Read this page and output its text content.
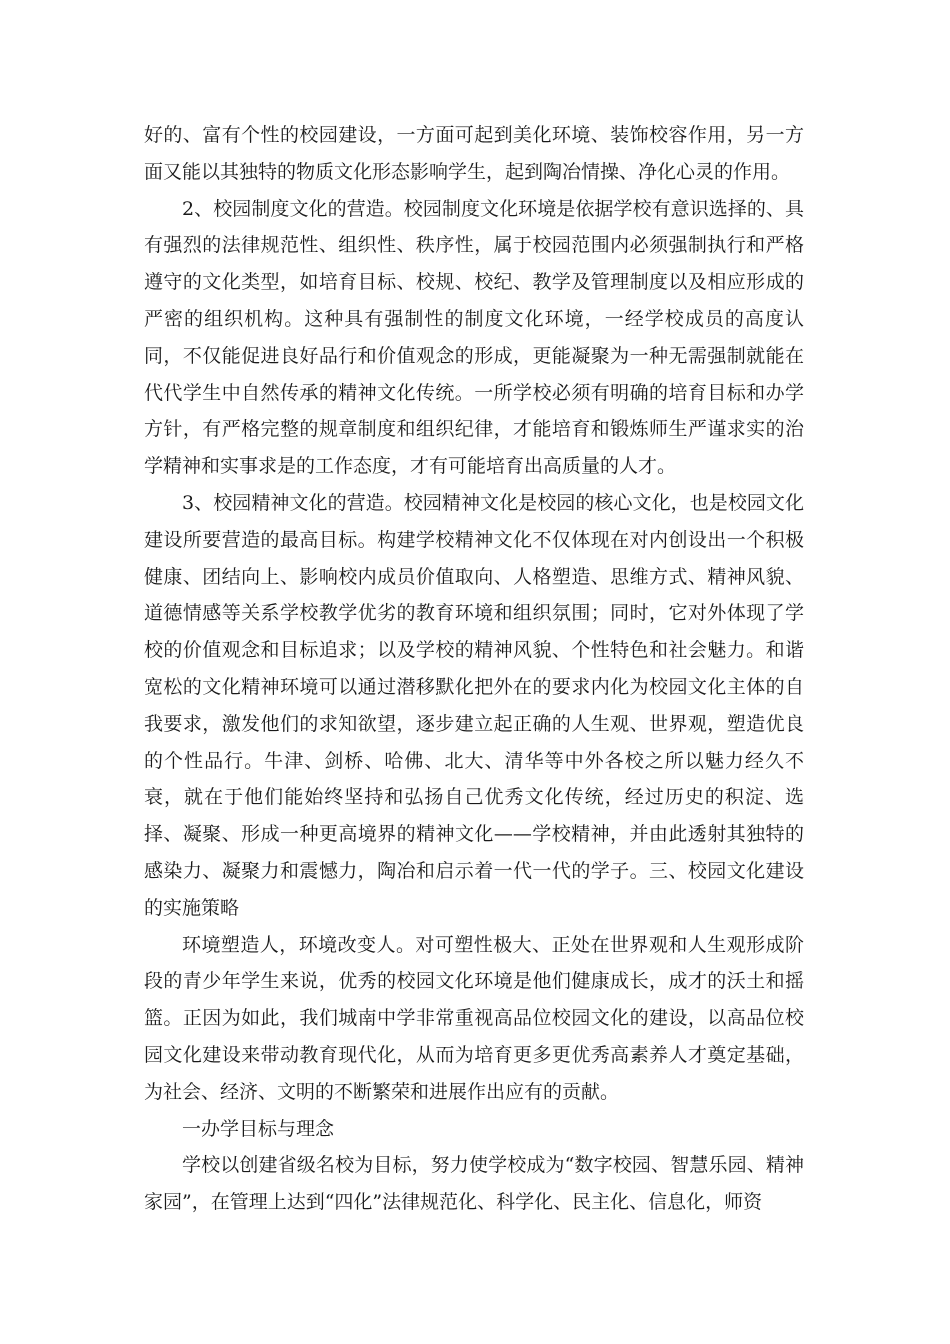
好的、富有个性的校园建设，一方面可起到美化环境、装饰校容作用，另一方面又能以其独特的物质文化形态影响学生，起到陶冶情操、净化心灵的作用。

2、校园制度文化的营造。校园制度文化环境是依据学校有意识选择的、具有强烈的法律规范性、组织性、秩序性，属于校园范围内必须强制执行和严格遵守的文化类型，如培育目标、校规、校纪、教学及管理制度以及相应形成的严密的组织机构。这种具有强制性的制度文化环境，一经学校成员的高度认同，不仅能促进良好品行和价值观念的形成，更能凝聚为一种无需强制就能在代代学生中自然传承的精神文化传统。一所学校必须有明确的培育目标和办学方针，有严格完整的规章制度和组织纪律，才能培育和锻炼师生严谨求实的治学精神和实事求是的工作态度，才有可能培育出高质量的人才。

3、校园精神文化的营造。校园精神文化是校园的核心文化，也是校园文化建设所要营造的最高目标。构建学校精神文化不仅体现在对内创设出一个积极健康、团结向上、影响校内成员价值取向、人格塑造、思维方式、精神风貌、道德情感等关系学校教学优劣的教育环境和组织氛围；同时，它对外体现了学校的价值观念和目标追求；以及学校的精神风貌、个性特色和社会魅力。和谐宽松的文化精神环境可以通过潜移默化把外在的要求内化为校园文化主体的自我要求，激发他们的求知欲望，逐步建立起正确的人生观、世界观，塑造优良的个性品行。牛津、剑桥、哈佛、北大、清华等中外各校之所以魅力经久不衰，就在于他们能始终坚持和弘扬自己优秀文化传统，经过历史的积淀、选择、凝聚、形成一种更高境界的精神文化——学校精神，并由此透射其独特的感染力、凝聚力和震憾力，陶冶和启示着一代一代的学子。三、校园文化建设的实施策略

环境塑造人，环境改变人。对可塑性极大、正处在世界观和人生观形成阶段的青少年学生来说，优秀的校园文化环境是他们健康成长，成才的沃土和摇篮。正因为如此，我们城南中学非常重视高品位校园文化的建设，以高品位校园文化建设来带动教育现代化，从而为培育更多更优秀高素养人才奠定基础，为社会、经济、文明的不断繁荣和进展作出应有的贡献。

一办学目标与理念

学校以创建省级名校为目标，努力使学校成为“数字校园、智慧乐园、精神家园”，在管理上达到“四化”法律规范化、科学化、民主化、信息化，师资
